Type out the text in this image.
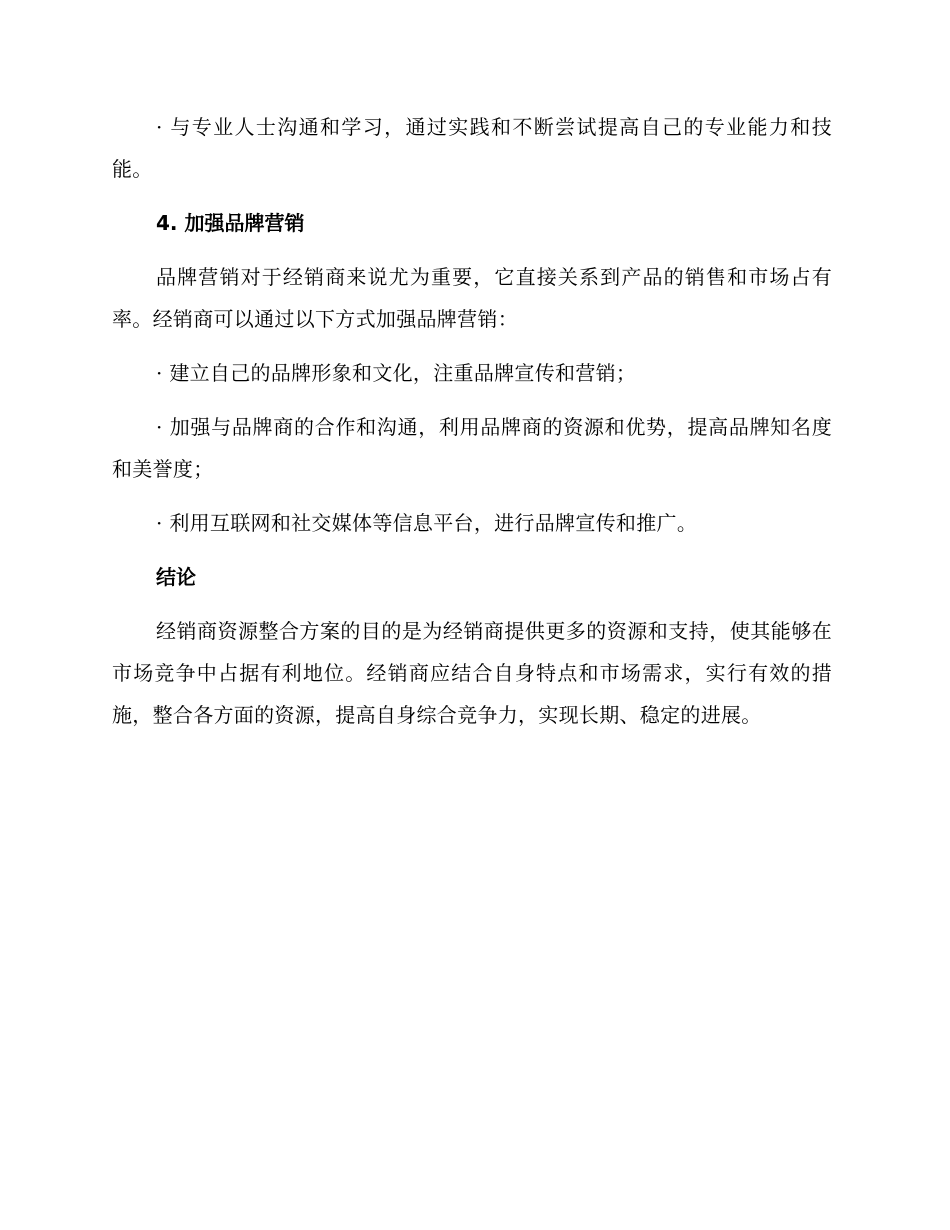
· 与专业人士沟通和学习，通过实践和不断尝试提高自己的专业能力和技能。

4. 加强品牌营销

品牌营销对于经销商来说尤为重要，它直接关系到产品的销售和市场占有率。经销商可以通过以下方式加强品牌营销：

· 建立自己的品牌形象和文化，注重品牌宣传和营销；

· 加强与品牌商的合作和沟通，利用品牌商的资源和优势，提高品牌知名度和美誉度；

· 利用互联网和社交媒体等信息平台，进行品牌宣传和推广。

结论

经销商资源整合方案的目的是为经销商提供更多的资源和支持，使其能够在市场竞争中占据有利地位。经销商应结合自身特点和市场需求，实行有效的措施，整合各方面的资源，提高自身综合竞争力，实现长期、稳定的进展。
